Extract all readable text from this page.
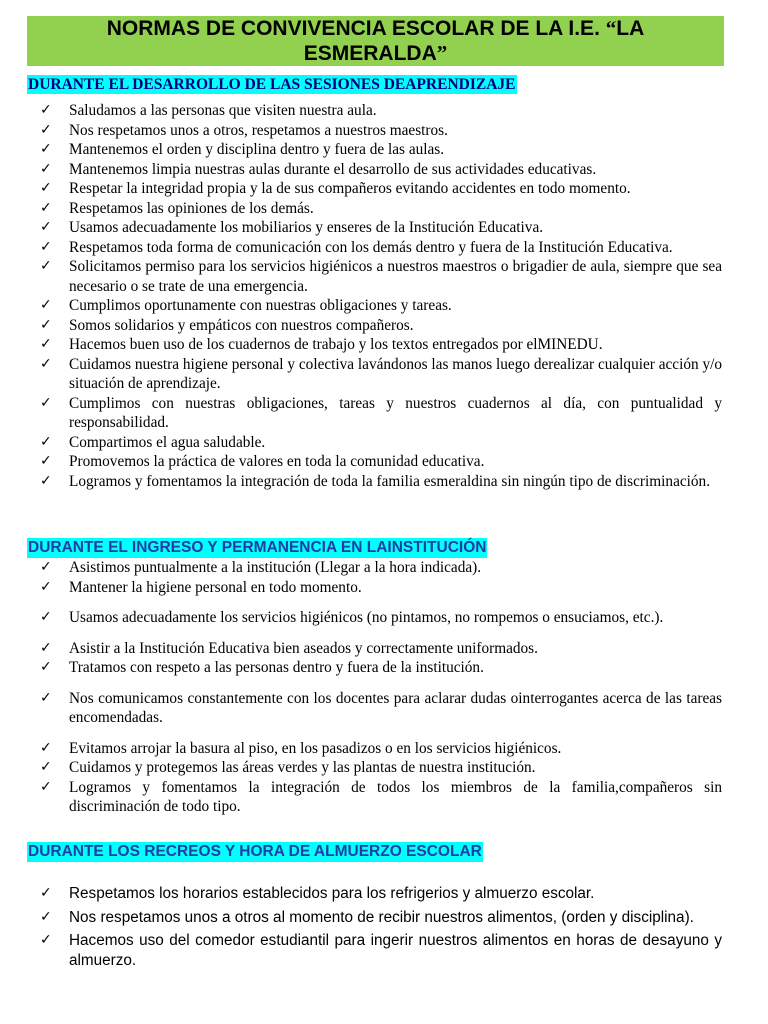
NORMAS DE CONVIVENCIA ESCOLAR DE LA I.E. “LA
ESMERALDA”
DURANTE EL DESARROLLO DE LAS SESIONES DEAPRENDIZAJE
✓	Saludamos a las personas que visiten nuestra aula.
✓	Nos respetamos unos a otros, respetamos a nuestros maestros.
✓	Mantenemos el orden y disciplina dentro y fuera de las aulas.
✓	Mantenemos limpia nuestras aulas durante el desarrollo de sus actividades educativas.
✓	Respetar la integridad propia y la de sus compañeros evitando accidentes en todo momento.
✓	Respetamos las opiniones de los demás.
✓	Usamos adecuadamente los mobiliarios y enseres de la Institución Educativa.
✓	Respetamos toda forma de comunicación con los demás dentro y fuera de la Institución Educativa.
✓	Solicitamos permiso para los servicios higiénicos a nuestros maestros o brigadier de aula, siempre que sea necesario o se trate de una emergencia.
✓	Cumplimos oportunamente con nuestras obligaciones y tareas.
✓	Somos solidarios y empáticos con nuestros compañeros.
✓	Hacemos buen uso de los cuadernos de trabajo y los textos entregados por elMINEDU.
✓	Cuidamos nuestra higiene personal y colectiva lavándonos las manos luego derealizar cualquier acción y/o situación de aprendizaje.
✓	Cumplimos con nuestras obligaciones, tareas y nuestros cuadernos al día, con puntualidad y responsabilidad.
✓	Compartimos el agua saludable.
✓	Promovemos la práctica de valores en toda la comunidad educativa.
✓	Logramos y fomentamos la integración de toda la familia esmeraldina sin ningún tipo de discriminación.
DURANTE EL INGRESO Y PERMANENCIA EN LAINSTITUCIÓN
✓	Asistimos puntualmente a la institución (Llegar a la hora indicada).
✓	Mantener la higiene personal en todo momento.
✓	Usamos adecuadamente los servicios higiénicos (no pintamos, no rompemos o ensuciamos, etc.).
✓	Asistir a la Institución Educativa bien aseados y correctamente uniformados.
✓	Tratamos con respeto a las personas dentro y fuera de la institución.
✓	Nos comunicamos constantemente con los docentes para aclarar dudas ointerrogantes acerca de las tareas encomendadas.
✓	Evitamos arrojar la basura al piso, en los pasadizos o en los servicios higiénicos.
✓	Cuidamos y protegemos las áreas verdes y las plantas de nuestra institución.
✓	Logramos y fomentamos la integración de todos los miembros de la familia,compañeros sin discriminación de todo tipo.
DURANTE LOS RECREOS Y HORA DE ALMUERZO ESCOLAR
✓	Respetamos los horarios establecidos para los refrigerios y almuerzo escolar.
✓	Nos respetamos unos a otros al momento de recibir nuestros alimentos, (orden y disciplina).
✓	Hacemos uso del comedor estudiantil para ingerir nuestros alimentos en horas de desayuno y almuerzo.
